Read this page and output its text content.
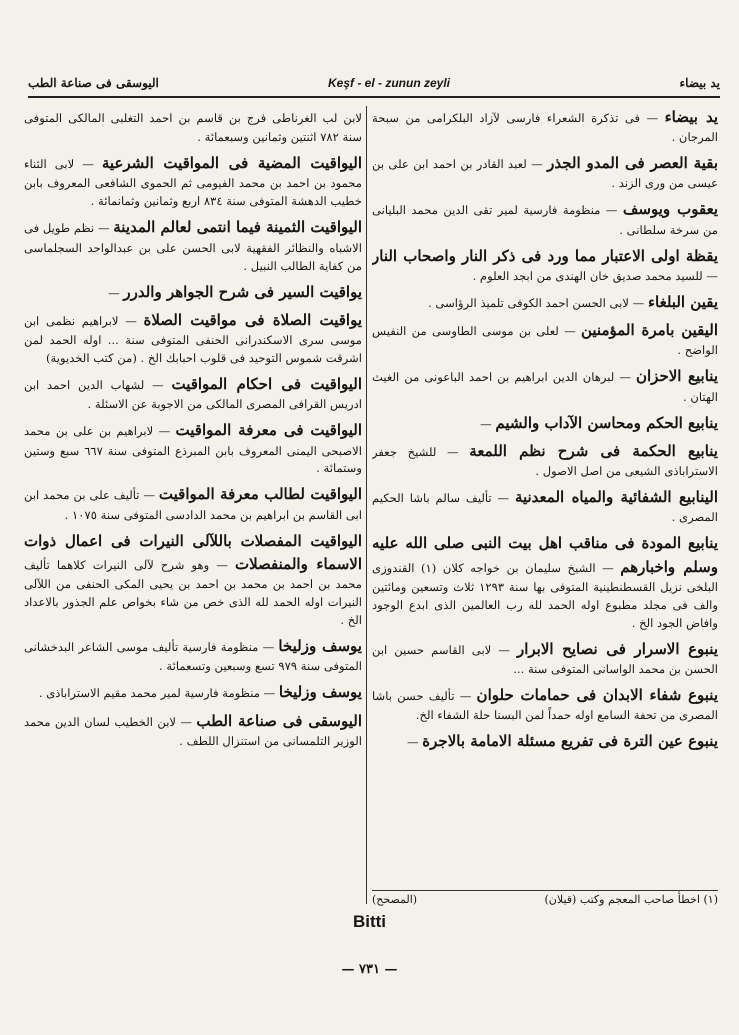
اليوسقى فى صناعة الطب	Keşf - el - zunun zeyli	يد بيضاء

يد بيضاء — فى تذكرة الشعراء فارسى لآزاد البلكرامى من سبحة المرجان .

بقية العصر فى المدو الجذر — لعبد القادر بن احمد ابن على بن عيسى من ورى الزند .

يعقوب ويوسف — منظومة فارسية لمير تقى الدين محمد البليانى من سرخة سلطانى .

يقظة اولى الاعتبار مما ورد فى ذكر النار واصحاب النار — للسيد محمد صديق خان الهندى من ابجد العلوم .

يقين البلغاء — لابى الحسن احمد الكوفى تلميذ الرؤاسى .

اليقين بامرة المؤمنين — لعلى بن موسى الطاوسى من النفيس الواضح .

ينابيع الاحزان — لبرهان الدين ابراهيم بن احمد الباعونى من الغيث الهتان .

ينابيع الحكم ومحاسن الآداب والشيم —

ينابيع الحكمة فى شرح نظم اللمعة — للشيخ جعفر الاستراباذى الشيعى من اصل الاصول .

الينابيع الشفائية والمياه المعدنية — تأليف سالم باشا الحكيم المصرى .

ينابيع المودة فى مناقب اهل بيت النبى صلى الله عليه وسلم واخبارهم — الشيخ سليمان بن خواجه كلان (١) القندوزى البلخى نزيل القسطنطينية المتوفى بها سنة ١٢٩٣ ثلاث وتسعين ومائتين والف فى مجلد مطبوع اوله الحمد لله رب العالمين الذى ابدع الوجود وافاض الجود الخ .

ينبوع الاسرار فى نصايح الابرار — لابى القاسم حسين ابن الحسن بن محمد الواسانى المتوفى سنة ...

ينبوع شفاء الابدان فى حمامات حلوان — تأليف حسن باشا المصرى من تحفة السامع اوله حمداً لمن البسنا حلة الشفاء الخ.

ينبوع عين الترة فى تفريع مسئلة الامامة بالاجرة —

لابن لب الغرناطى فرج بن قاسم بن احمد التغلبى المالكى المتوفى سنة ٧٨٢ اثنتين وثمانين وسبعمائة .

اليواقيت المضية فى المواقيت الشرعية — لابى الثناء محمود بن احمد بن محمد الفيومى ثم الحموى الشافعى المعروف بابن خطيب الدهشة المتوفى سنة ٨٣٤ اربع وثمانين وثمانمائة .

اليواقيت الثمينة فيما انتمى لعالم المدينة — نظم طويل فى الاشباه والنظائر الفقهية لابى الحسن على بن عبدالواحد السجلماسى من كفاية الطالب النبيل .

يواقيت السير فى شرح الجواهر والدرر —

يواقيت الصلاة فى مواقيت الصلاة — لابراهيم نظمى ابن موسى سرى الاسكندرانى الحنفى المتوفى سنة ... اوله الحمد لمن اشرقت شموس التوحيد فى قلوب احبابك الخ . (من كتب الخديوية)

اليواقيت فى احكام المواقيت — لشهاب الدين احمد ابن ادريس القرافى المصرى المالكى من الاجوبة عن الاسئلة .

اليواقيت فى معرفة المواقيت — لابراهيم بن على بن محمد الاصبحى اليمنى المعروف بابن المبرذع المتوفى سنة ٦٦٧ سبع وستين وستمائة .

اليواقيت لطالب معرفة المواقيت — تأليف على بن محمد ابن ابى القاسم بن ابراهيم بن محمد الدادسى المتوفى سنة ١٠٧٥ .

اليواقيت المفصلات باللآلى النيرات فى اعمال ذوات الاسماء والمنفصلات — وهو شرح لآلى النيرات كلاهما تأليف محمد بن احمد بن محمد بن احمد بن يحيى المكى الحنفى من اللآلى النيرات اوله الحمد لله الذى خص من شاء بخواص علم الجذور بالاعداد الخ .

يوسف وزليخا — منظومة فارسية تأليف موسى الشاعر البدخشانى المتوفى سنة ٩٧٩ تسع وسبعين وتسعمائة .

يوسف وزليخا — منظومة فارسية لمير محمد مقيم الاستراباذى .

اليوسقى فى صناعة الطب — لابن الخطيب لسان الدين محمد الوزير التلمسانى من استنزال اللطف .

(١) اخطأ صاحب المعجم وكتب (قيلان)
(المصحح)
Bitti
— ٧٣١ —
